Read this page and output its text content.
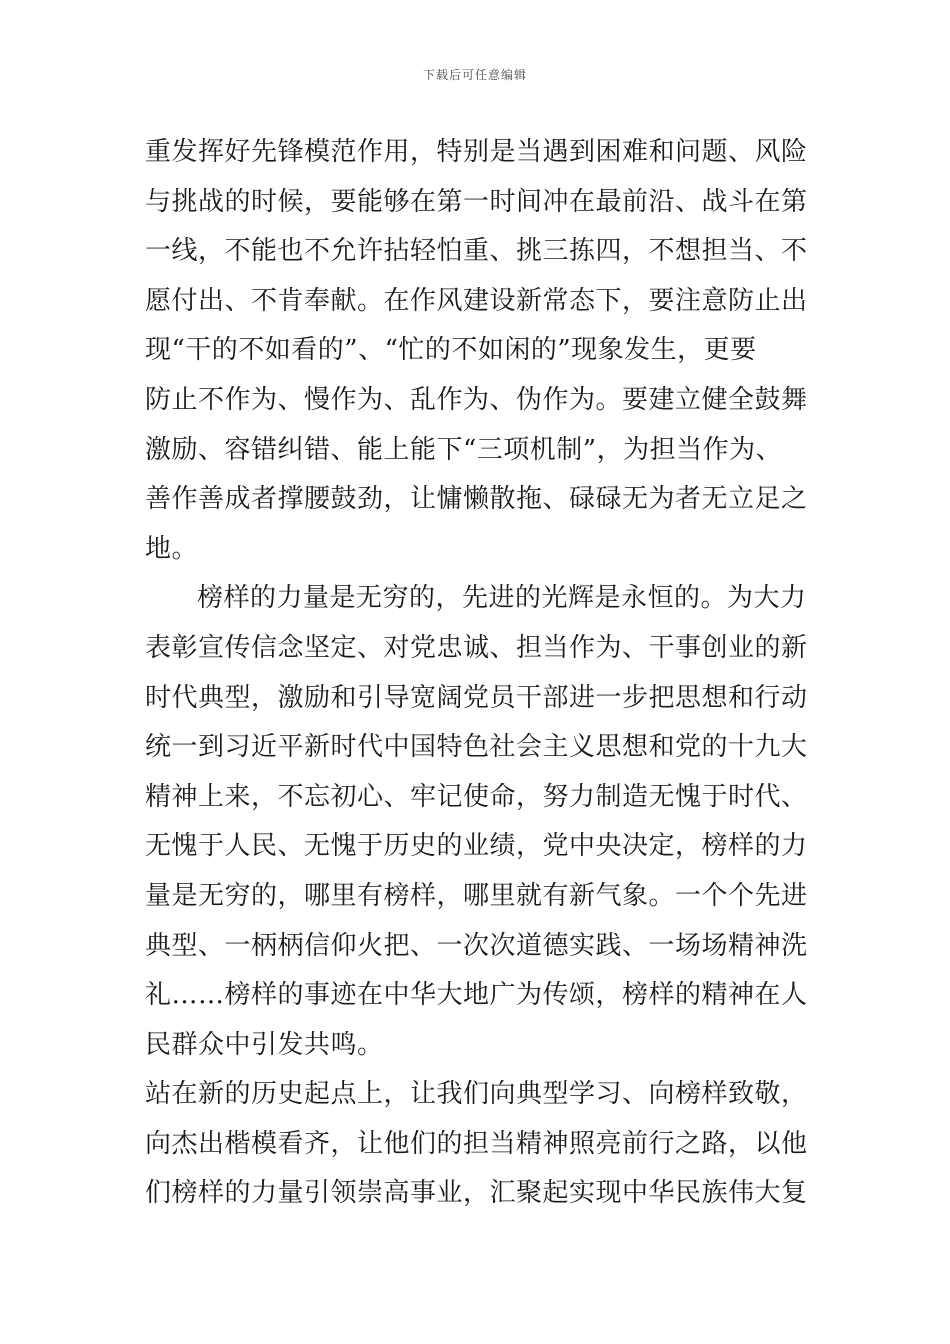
下载后可任意编辑
重发挥好先锋模范作用，特别是当遇到困难和问题、风险
与挑战的时候，要能够在第一时间冲在最前沿、战斗在第
一线，不能也不允许拈轻怕重、挑三拣四，不想担当、不
愿付出、不肯奉献。在作风建设新常态下，要注意防止出
现“干的不如看的”、“忙的不如闲的”现象发生，更要
防止不作为、慢作为、乱作为、伪作为。要建立健全鼓舞
激励、容错纠错、能上能下“三项机制”，为担当作为、
善作善成者撑腰鼓劲，让慵懒散拖、碌碌无为者无立足之
地。
榜样的力量是无穷的，先进的光辉是永恒的。为大力
表彰宣传信念坚定、对党忠诚、担当作为、干事创业的新
时代典型，激励和引导宽阔党员干部进一步把思想和行动
统一到习近平新时代中国特色社会主义思想和党的十九大
精神上来，不忘初心、牢记使命，努力制造无愧于时代、
无愧于人民、无愧于历史的业绩，党中央决定，榜样的力
量是无穷的，哪里有榜样，哪里就有新气象。一个个先进
典型、一柄柄信仰火把、一次次道德实践、一场场精神洗
礼……榜样的事迹在中华大地广为传颂，榜样的精神在人
民群众中引发共鸣。
站在新的历史起点上，让我们向典型学习、向榜样致敬，
向杰出楷模看齐，让他们的担当精神照亮前行之路，以他
们榜样的力量引领崇高事业，汇聚起实现中华民族伟大复
